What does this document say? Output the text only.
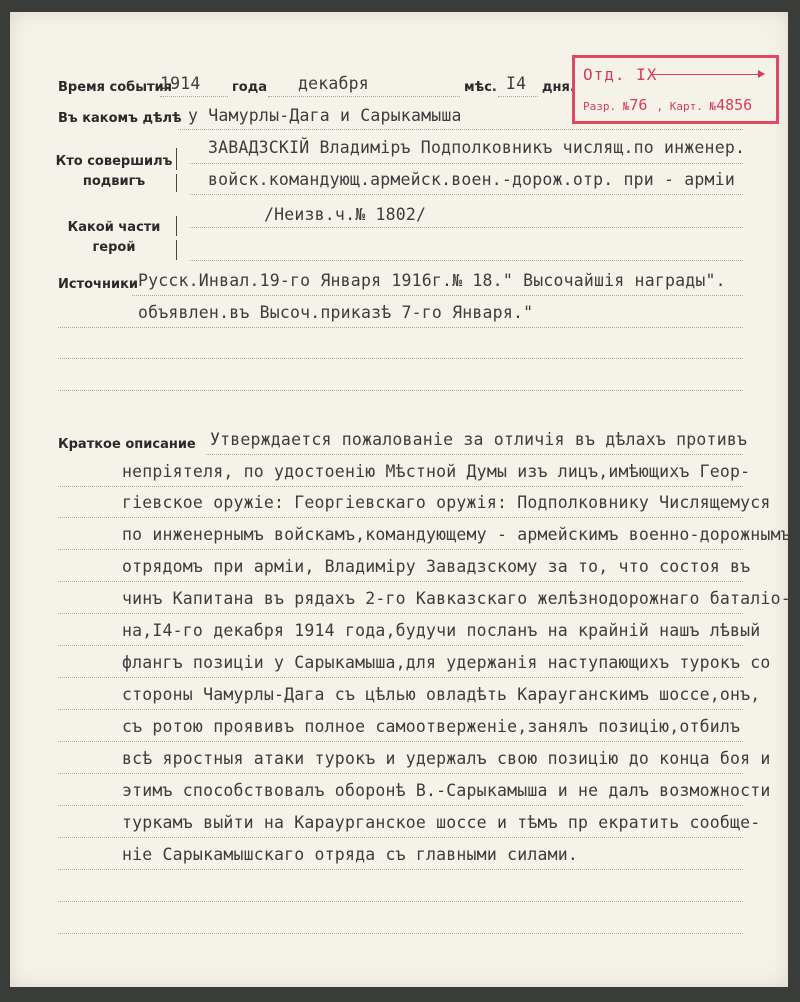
Время события
1914 года декабря	мѣс. I4 дня.
Въ какомъ дѣлѣ у Чамурлы-Дага и Сарыкамыша
Кто совершилъ
подвигъ
ЗАВАДЗСКIЙ Владимiръ Подполковникъ числящ.по инженер.
войск.командующ.армейск.воен.-дорож.отр. при - армiи
Какой части
герой
/Неизв.ч.№ 1802/
Источники Русск.Инвал.19-го Января 1916г.№ 18." Высочайшiя награды".
объявлен.въ Высоч.приказѣ 7-го Января."
Краткое описание Утверждается пожалованiе за отличiя въ дѣлахъ противъ
непрiятеля, по удостоенiю Мѣстной Думы изъ лицъ,имѣющихъ Геор-
гiевское оружiе: Георгiевскаго оружiя: Подполковнику Числящемуся
по инженернымъ войскамъ,командующему - армейскимъ военно-дорожнымъ
отрядомъ при армiи, Владимiру Завадзскому за то, что состоя въ
чинъ Капитана въ рядахъ 2-го Кавказскаго желѣзнодорожнаго баталiо-
на,I4-го декабря 1914 года,будучи посланъ на крайнiй нашъ лѣвый
флангъ позицiи у Сарыкамыша,для удержанiя наступающихъ турокъ со
стороны Чамурлы-Дага съ цѣлью овладѣть Карауганскимъ шоссе,онъ,
съ ротою проявивъ полное самоотверженiе,занялъ позицiю,отбилъ
всѣ яростныя атаки турокъ и удержалъ свою позицiю до конца боя и
этимъ способствовалъ оборонѣ В.-Сарыкамыша и не далъ возможности
туркамъ выйти на Караурганское шоссе и тѣмъ пр екратить сообще-
нiе Сарыкамышскаго отряда съ главными силами.
Отд. IX
Разр. №76 , Карт. №4856
